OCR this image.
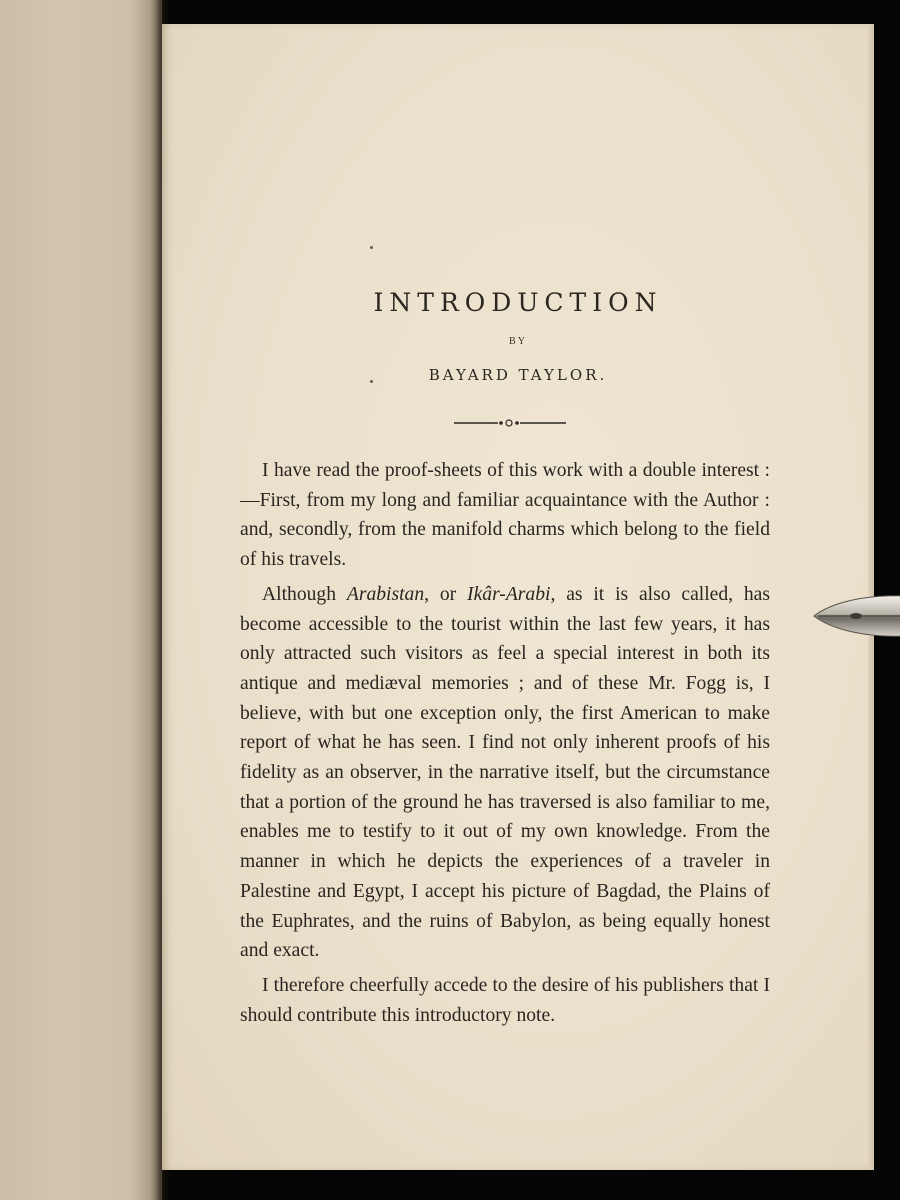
INTRODUCTION
BY
BAYARD TAYLOR.

I have read the proof-sheets of this work with a double interest :—First, from my long and familiar acquaintance with the Author : and, secondly, from the manifold charms which belong to the field of his travels.

Although Arabistan, or Ikâr-Arabi, as it is also called, has become accessible to the tourist within the last few years, it has only attracted such visitors as feel a special interest in both its antique and mediæval memories ; and of these Mr. Fogg is, I believe, with but one exception only, the first American to make report of what he has seen. I find not only inherent proofs of his fidelity as an observer, in the narrative itself, but the circumstance that a portion of the ground he has traversed is also familiar to me, enables me to testify to it out of my own knowledge. From the manner in which he depicts the experiences of a traveler in Palestine and Egypt, I accept his picture of Bagdad, the Plains of the Euphrates, and the ruins of Babylon, as being equally honest and exact.

I therefore cheerfully accede to the desire of his publishers that I should contribute this introductory note.
